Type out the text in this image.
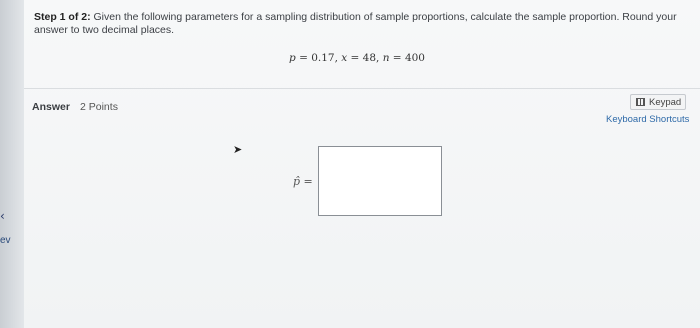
‹
ev
Step 1 of 2: Given the following parameters for a sampling distribution of sample proportions, calculate the sample proportion. Round your answer to two decimal places.
p = 0.17, x = 48, n = 400
Answer 2 Points	Keypad
Keyboard Shortcuts
➤
p̂ =
